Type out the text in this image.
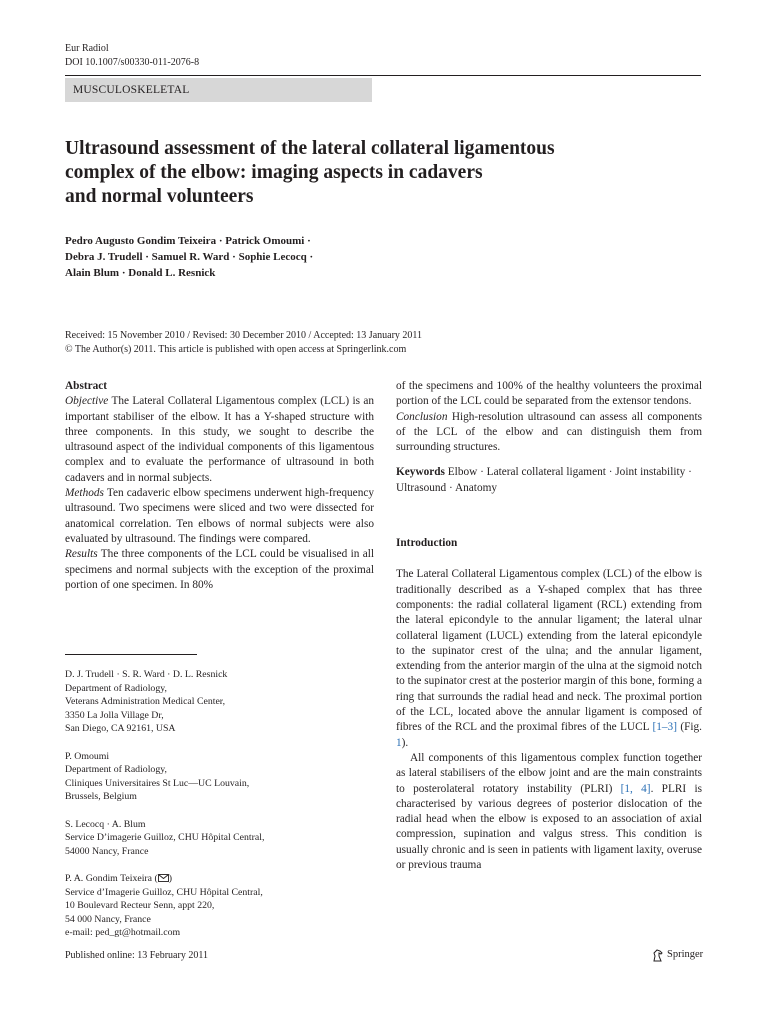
Eur Radiol
DOI 10.1007/s00330-011-2076-8
MUSCULOSKELETAL
Ultrasound assessment of the lateral collateral ligamentous
complex of the elbow: imaging aspects in cadavers
and normal volunteers
Pedro Augusto Gondim Teixeira · Patrick Omoumi ·
Debra J. Trudell · Samuel R. Ward · Sophie Lecocq ·
Alain Blum · Donald L. Resnick
Received: 15 November 2010 / Revised: 30 December 2010 / Accepted: 13 January 2011
© The Author(s) 2011. This article is published with open access at Springerlink.com

Abstract

Objective The Lateral Collateral Ligamentous complex (LCL) is an important stabiliser of the elbow. It has a Y-shaped structure with three components. In this study, we sought to describe the ultrasound aspect of the individual components of this ligamentous complex and to evaluate the performance of ultrasound in both cadavers and in normal subjects.

Methods Ten cadaveric elbow specimens underwent high-frequency ultrasound. Two specimens were sliced and two were dissected for anatomical correlation. Ten elbows of normal subjects were also evaluated by ultrasound. The findings were compared.

Results The three components of the LCL could be visualised in all specimens and normal subjects with the exception of the proximal portion of one specimen. In 80%

D. J. Trudell · S. R. Ward · D. L. Resnick
Department of Radiology,
Veterans Administration Medical Center,
3350 La Jolla Village Dr,
San Diego, CA 92161, USA
P. Omoumi
Department of Radiology,
Cliniques Universitaires St Luc—UC Louvain,
Brussels, Belgium
S. Lecocq · A. Blum
Service D’imagerie Guilloz, CHU Hôpital Central,
54000 Nancy, France
P. A. Gondim Teixeira ( )
Service d’Imagerie Guilloz, CHU Hôpital Central,
10 Boulevard Recteur Senn, appt 220,
54 000 Nancy, France
e-mail: ped_gt@hotmail.com

of the specimens and 100% of the healthy volunteers the proximal portion of the LCL could be separated from the extensor tendons.

Conclusion High-resolution ultrasound can assess all components of the LCL of the elbow and can distinguish them from surrounding structures.

Keywords Elbow · Lateral collateral ligament · Joint instability · Ultrasound · Anatomy

Introduction

The Lateral Collateral Ligamentous complex (LCL) of the elbow is traditionally described as a Y-shaped complex that has three components: the radial collateral ligament (RCL) extending from the lateral epicondyle to the annular ligament; the lateral ulnar collateral ligament (LUCL) extending from the lateral epicondyle to the supinator crest of the ulna; and the annular ligament, extending from the anterior margin of the ulna at the sigmoid notch to the supinator crest at the posterior margin of this bone, forming a ring that surrounds the radial head and neck. The proximal portion of the LCL, located above the annular ligament is composed of fibres of the RCL and the proximal fibres of the LUCL [1–3] (Fig. 1).

All components of this ligamentous complex function together as lateral stabilisers of the elbow joint and are the main constraints to posterolateral rotatory instability (PLRI) [1, 4]. PLRI is characterised by various degrees of posterior dislocation of the radial head when the elbow is exposed to an association of axial compression, supination and valgus stress. This condition is usually chronic and is seen in patients with ligament laxity, overuse or previous trauma

Published online: 13 February 2011	Springer
